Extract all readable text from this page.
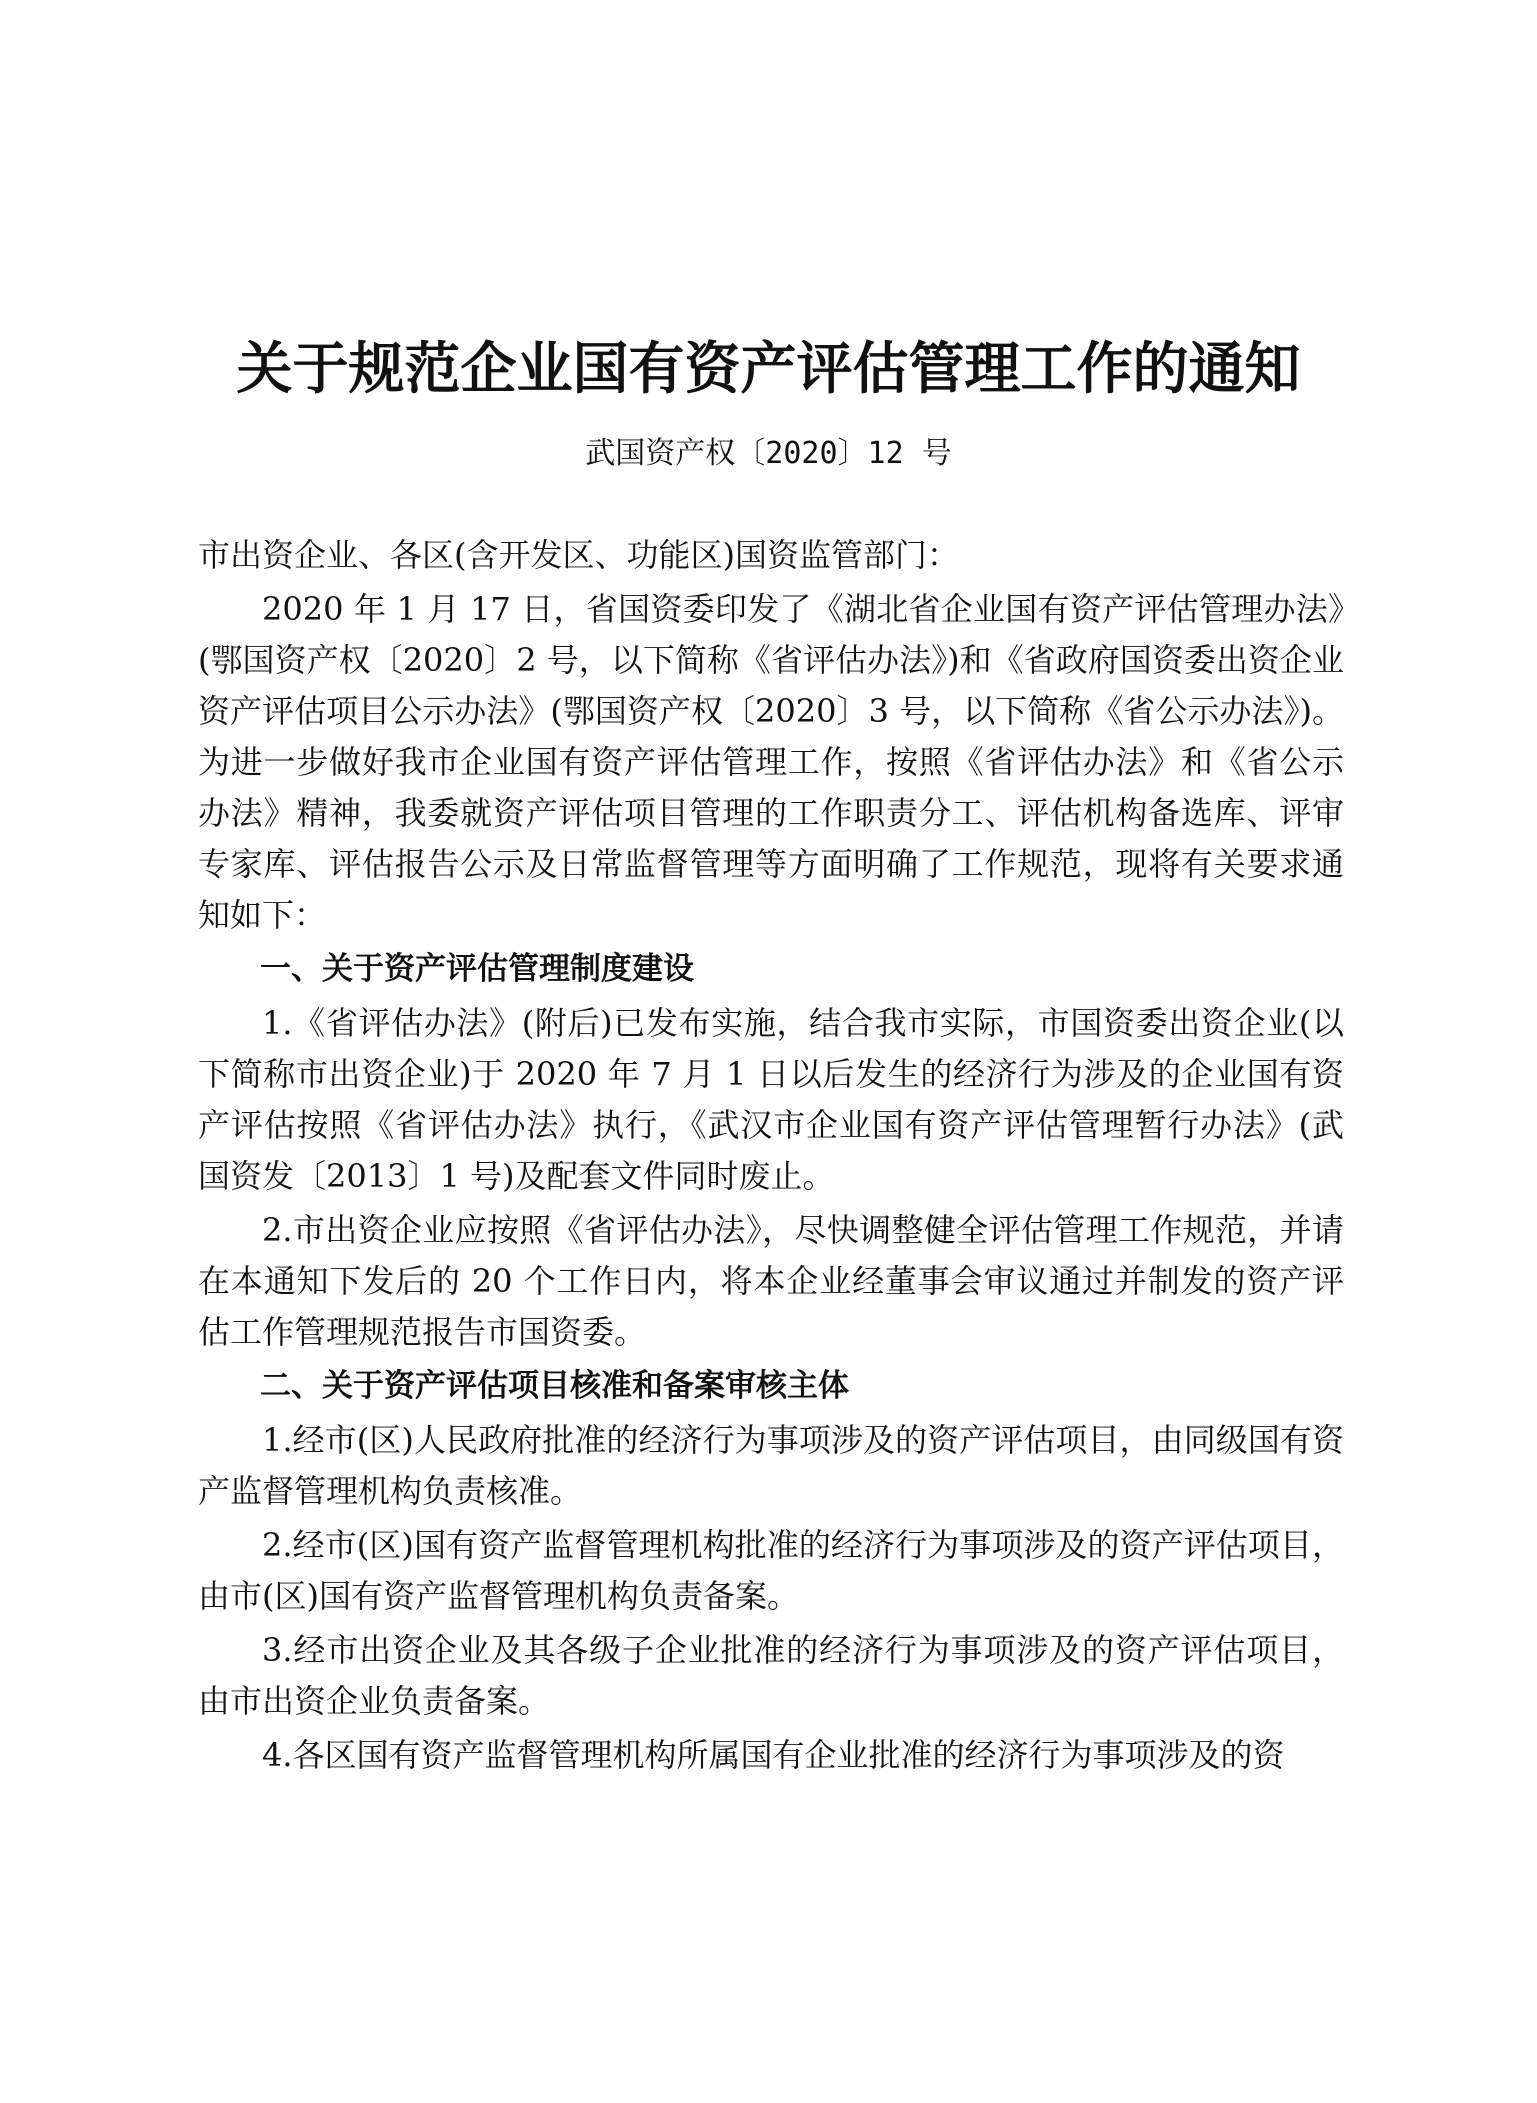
关于规范企业国有资产评估管理工作的通知
武国资产权〔2020〕12 号

市出资企业、各区(含开发区、功能区)国资监管部门：

2020 年 1 月 17 日，省国资委印发了《湖北省企业国有资产评估管理办法》(鄂国资产权〔2020〕2 号，以下简称《省评估办法》)和《省政府国资委出资企业资产评估项目公示办法》(鄂国资产权〔2020〕3 号，以下简称《省公示办法》)。为进一步做好我市企业国有资产评估管理工作，按照《省评估办法》和《省公示办法》精神，我委就资产评估项目管理的工作职责分工、评估机构备选库、评审专家库、评估报告公示及日常监督管理等方面明确了工作规范，现将有关要求通知如下：

一、关于资产评估管理制度建设

1.《省评估办法》(附后)已发布实施，结合我市实际，市国资委出资企业(以下简称市出资企业)于 2020 年 7 月 1 日以后发生的经济行为涉及的企业国有资产评估按照《省评估办法》执行，《武汉市企业国有资产评估管理暂行办法》(武国资发〔2013〕1 号)及配套文件同时废止。

2.市出资企业应按照《省评估办法》，尽快调整健全评估管理工作规范，并请在本通知下发后的 20 个工作日内，将本企业经董事会审议通过并制发的资产评估工作管理规范报告市国资委。

二、关于资产评估项目核准和备案审核主体

1.经市(区)人民政府批准的经济行为事项涉及的资产评估项目，由同级国有资产监督管理机构负责核准。

2.经市(区)国有资产监督管理机构批准的经济行为事项涉及的资产评估项目，由市(区)国有资产监督管理机构负责备案。

3.经市出资企业及其各级子企业批准的经济行为事项涉及的资产评估项目，由市出资企业负责备案。

4.各区国有资产监督管理机构所属国有企业批准的经济行为事项涉及的资
